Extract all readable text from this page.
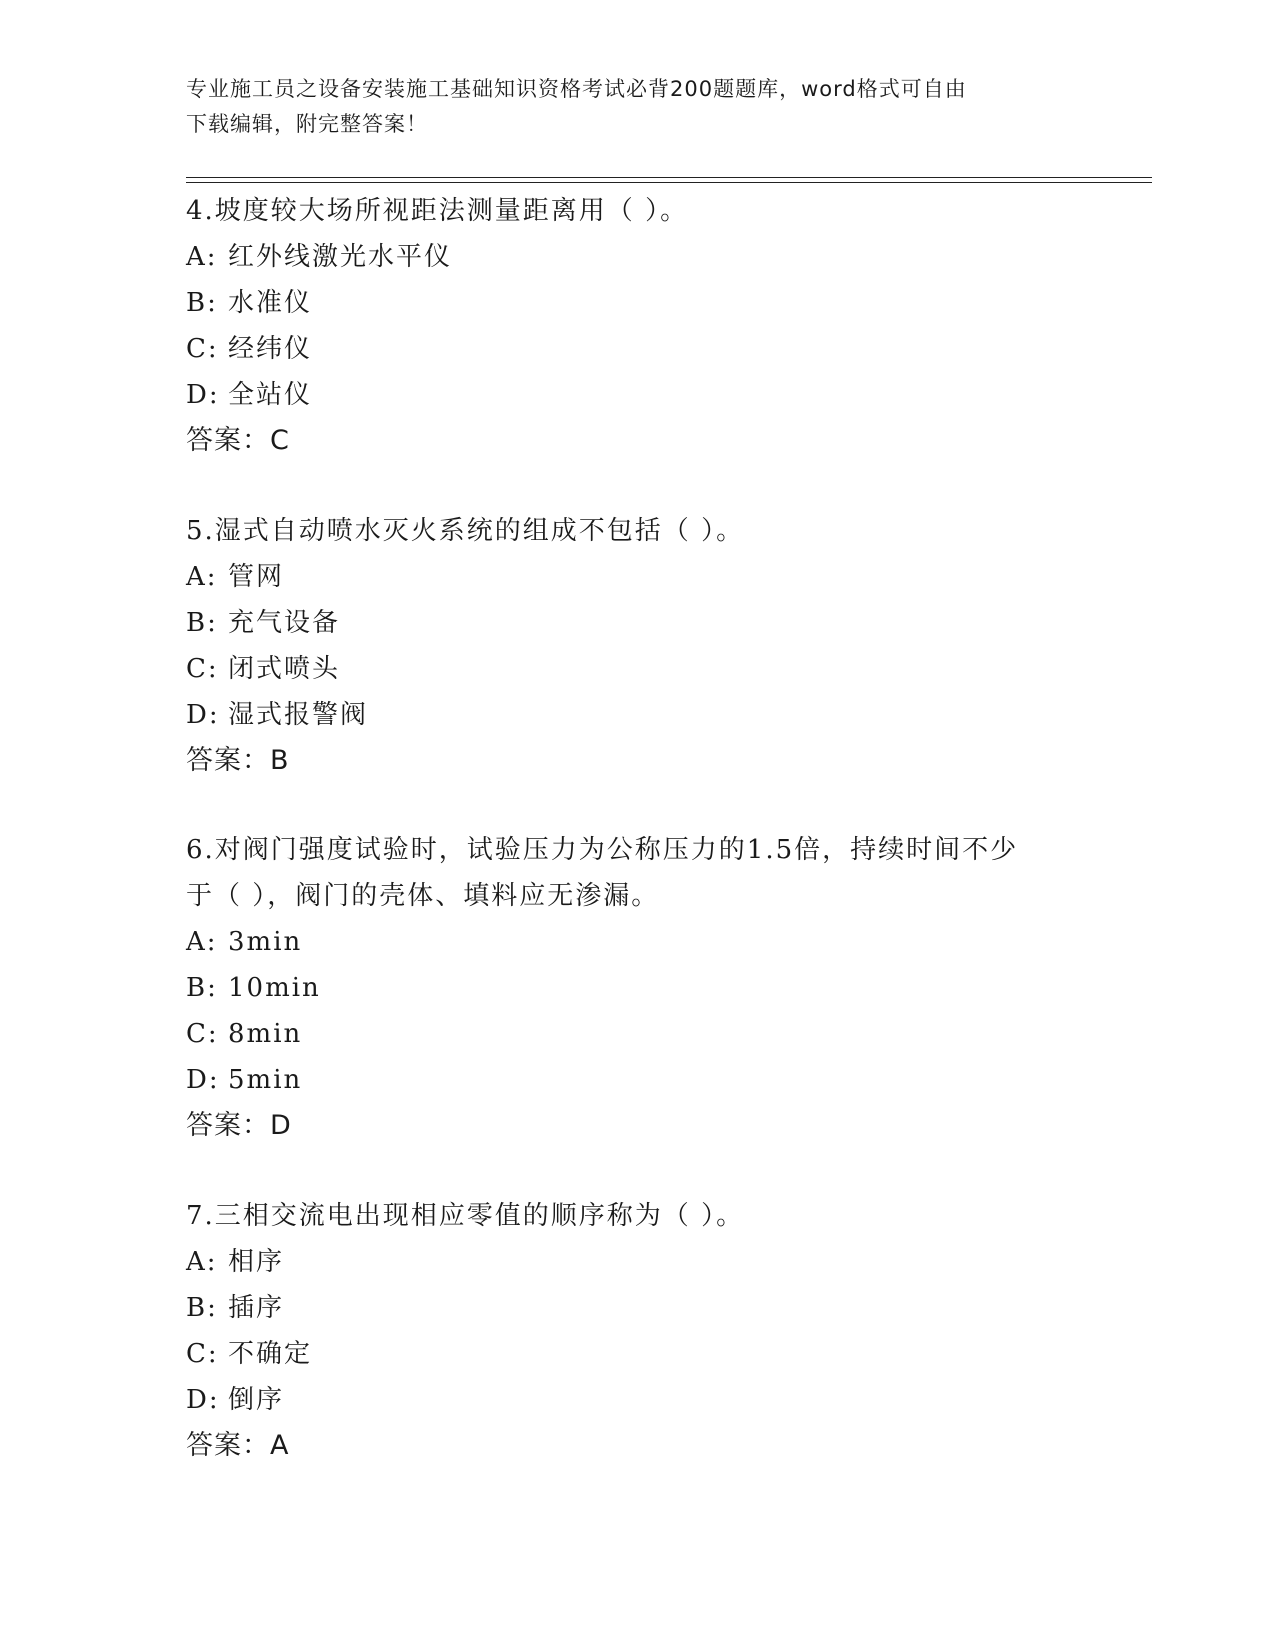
专业施工员之设备安装施工基础知识资格考试必背200题题库，word格式可自由
下载编辑，附完整答案！
4.坡度较大场所视距法测量距离用（ ）。
A: 红外线激光水平仪
B: 水准仪
C: 经纬仪
D: 全站仪
答案：C
5.湿式自动喷水灭火系统的组成不包括（ ）。
A: 管网
B: 充气设备
C: 闭式喷头
D: 湿式报警阀
答案：B
6.对阀门强度试验时，试验压力为公称压力的1.5倍，持续时间不少
于（ ），阀门的壳体、填料应无渗漏。
A: 3min
B: 10min
C: 8min
D: 5min
答案：D
7.三相交流电出现相应零值的顺序称为（ ）。
A: 相序
B: 插序
C: 不确定
D: 倒序
答案：A
